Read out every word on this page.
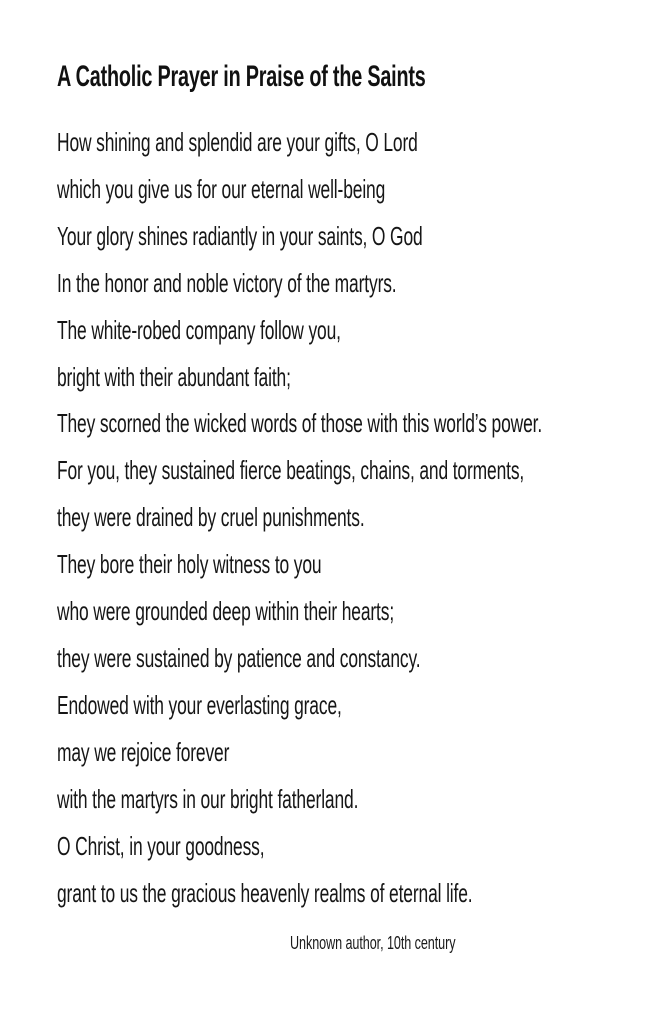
A Catholic Prayer in Praise of the Saints
How shining and splendid are your gifts, O Lord
which you give us for our eternal well-being
Your glory shines radiantly in your saints, O God
In the honor and noble victory of the martyrs.
The white-robed company follow you,
bright with their abundant faith;
They scorned the wicked words of those with this world’s power.
For you, they sustained fierce beatings, chains, and torments,
they were drained by cruel punishments.
They bore their holy witness to you
who were grounded deep within their hearts;
they were sustained by patience and constancy.
Endowed with your everlasting grace,
may we rejoice forever
with the martyrs in our bright fatherland.
O Christ, in your goodness,
grant to us the gracious heavenly realms of eternal life.
Unknown author, 10th century
